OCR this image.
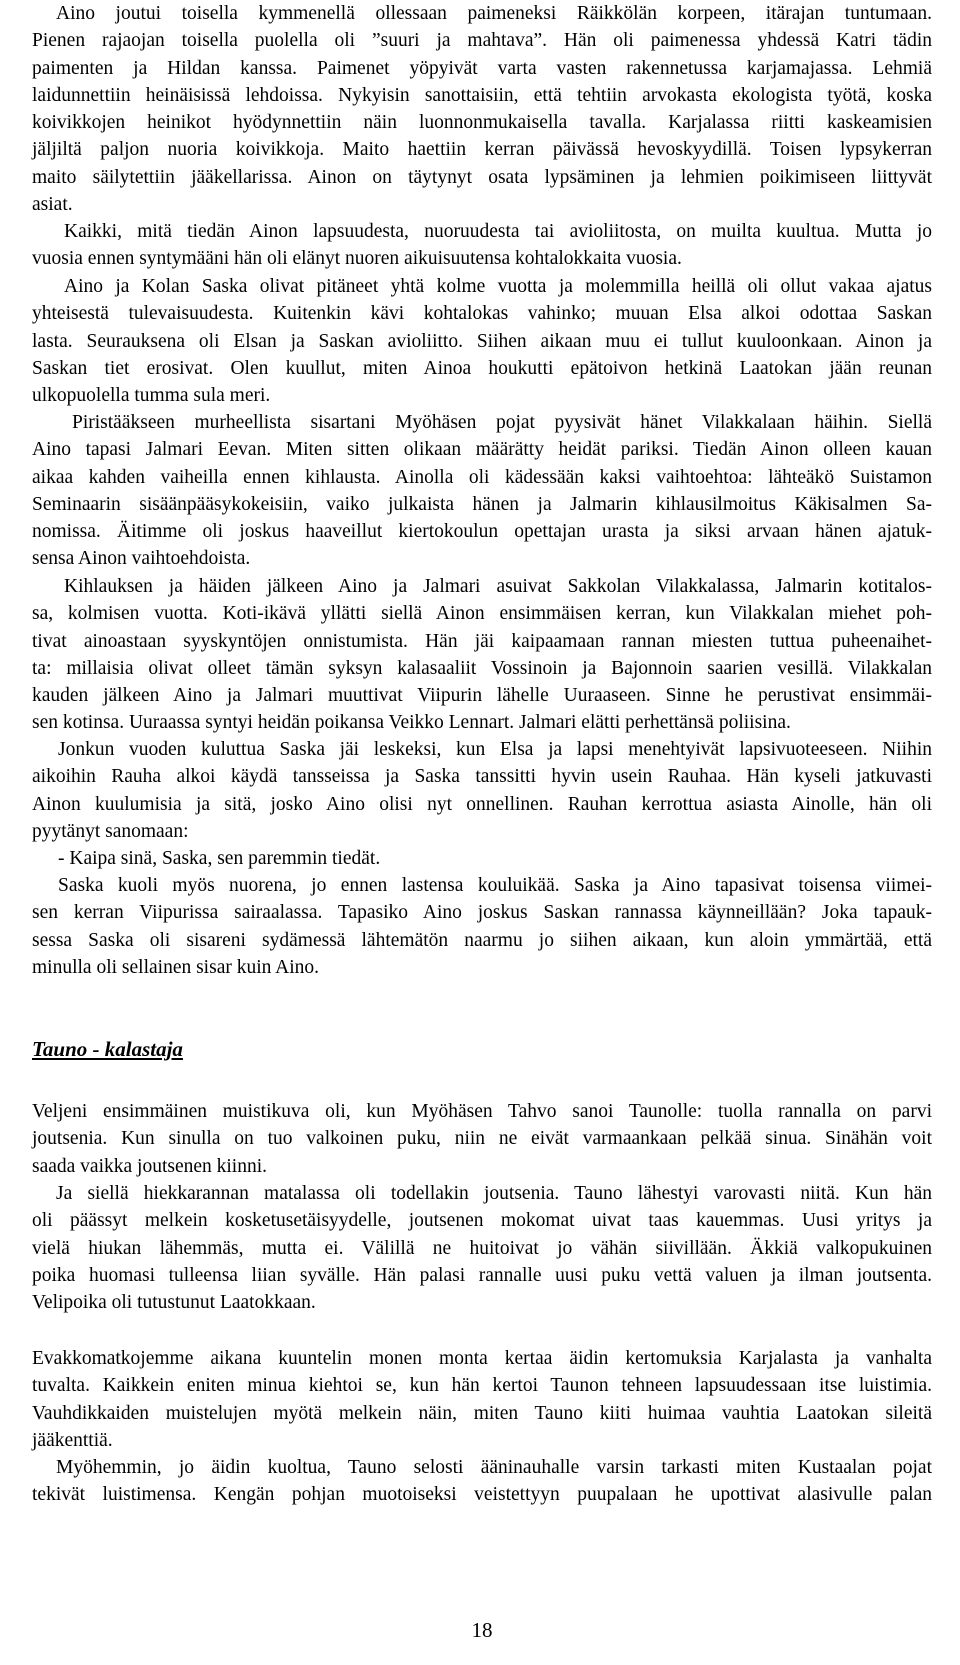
Aino joutui toisella kymmenellä ollessaan paimeneksi Räikkölän korpeen, itärajan tuntumaan.

Pienen rajaojan toisella puolella oli ”suuri ja mahtava”. Hän oli paimenessa yhdessä Katri tädin
paimenten ja Hildan kanssa. Paimenet yöpyivät varta vasten rakennetussa karjamajassa. Lehmiä
laidunnettiin heinäisissä lehdoissa. Nykyisin sanottaisiin, että tehtiin arvokasta ekologista työtä, koska
koivikkojen heinikot hyödynnettiin näin luonnonmukaisella tavalla. Karjalassa riitti kaskeamisien
jäljiltä paljon nuoria koivikkoja. Maito haettiin kerran päivässä hevoskyydillä. Toisen lypsykerran
maito säilytettiin jääkellarissa. Ainon on täytynyt osata lypsäminen ja lehmien poikimiseen liittyvät
asiat.

Kaikki, mitä tiedän Ainon lapsuudesta, nuoruudesta tai avioliitosta, on muilta kuultua. Mutta jo
vuosia ennen syntymääni hän oli elänyt nuoren aikuisuutensa kohtalokkaita vuosia.

Aino ja Kolan Saska olivat pitäneet yhtä kolme vuotta ja molemmilla heillä oli ollut vakaa ajatus
yhteisestä tulevaisuudesta. Kuitenkin kävi kohtalokas vahinko; muuan Elsa alkoi odottaa Saskan
lasta. Seurauksena oli Elsan ja Saskan avioliitto. Siihen aikaan muu ei tullut kuuloonkaan. Ainon ja
Saskan tiet erosivat. Olen kuullut, miten Ainoa houkutti epätoivon hetkinä Laatokan jään reunan
ulkopuolella tumma sula meri.

Piristääkseen murheellista sisartani Myöhäsen pojat pyysivät hänet Vilakkalaan häihin. Siellä
Aino tapasi Jalmari Eevan. Miten sitten olikaan määrätty heidät pariksi. Tiedän Ainon olleen kauan
aikaa kahden vaiheilla ennen kihlausta. Ainolla oli kädessään kaksi vaihtoehtoa: lähteäkö Suistamon
Seminaarin sisäänpääsykokeisiin, vaiko julkaista hänen ja Jalmarin kihlausilmoitus Käkisalmen Sa-
nomissa. Äitimme oli joskus haaveillut kiertokoulun opettajan urasta ja siksi arvaan hänen ajatuk-
sensa Ainon vaihtoehdoista.

Kihlauksen ja häiden jälkeen Aino ja Jalmari asuivat Sakkolan Vilakkalassa, Jalmarin kotitalos-
sa, kolmisen vuotta. Koti-ikävä yllätti siellä Ainon ensimmäisen kerran, kun Vilakkalan miehet poh-
tivat ainoastaan syyskyntöjen onnistumista. Hän jäi kaipaamaan rannan miesten tuttua puheenaihet-
ta: millaisia olivat olleet tämän syksyn kalasaaliit Vossinoin ja Bajonnoin saarien vesillä. Vilakkalan
kauden jälkeen Aino ja Jalmari muuttivat Viipurin lähelle Uuraaseen. Sinne he perustivat ensimmäi-
sen kotinsa. Uuraassa syntyi heidän poikansa Veikko Lennart. Jalmari elätti perhettänsä poliisina.

Jonkun vuoden kuluttua Saska jäi leskeksi, kun Elsa ja lapsi menehtyivät lapsivuoteeseen. Niihin
aikoihin Rauha alkoi käydä tansseissa ja Saska tanssitti hyvin usein Rauhaa. Hän kyseli jatkuvasti
Ainon kuulumisia ja sitä, josko Aino olisi nyt onnellinen. Rauhan kerrottua asiasta Ainolle, hän oli
pyytänyt sanomaan:

- Kaipa sinä, Saska, sen paremmin tiedät.

Saska kuoli myös nuorena, jo ennen lastensa kouluikää. Saska ja Aino tapasivat toisensa viimei-
sen kerran Viipurissa sairaalassa. Tapasiko Aino joskus Saskan rannassa käynneillään? Joka tapauk-
sessa Saska oli sisareni sydämessä lähtemätön naarmu jo siihen aikaan, kun aloin ymmärtää, että
minulla oli sellainen sisar kuin Aino.

Tauno - kalastaja

Veljeni ensimmäinen muistikuva oli, kun Myöhäsen Tahvo sanoi Taunolle: tuolla rannalla on parvi
joutsenia. Kun sinulla on tuo valkoinen puku, niin ne eivät varmaankaan pelkää sinua. Sinähän voit
saada vaikka joutsenen kiinni.

Ja siellä hiekkarannan matalassa oli todellakin joutsenia. Tauno lähestyi varovasti niitä. Kun hän
oli päässyt melkein kosketusetäisyydelle, joutsenen mokomat uivat taas kauemmas. Uusi yritys ja
vielä hiukan lähemmäs, mutta ei. Välillä ne huitoivat jo vähän siivillään. Äkkiä valkopukuinen
poika huomasi tulleensa liian syvälle. Hän palasi rannalle uusi puku vettä valuen ja ilman joutsenta.
Velipoika oli tutustunut Laatokkaan.

Evakkomatkojemme aikana kuuntelin monen monta kertaa äidin kertomuksia Karjalasta ja vanhalta
tuvalta. Kaikkein eniten minua kiehtoi se, kun hän kertoi Taunon tehneen lapsuudessaan itse luistimia.
Vauhdikkaiden muistelujen myötä melkein näin, miten Tauno kiiti huimaa vauhtia Laatokan sileitä
jääkenttiä.

Myöhemmin, jo äidin kuoltua, Tauno selosti ääninauhalle varsin tarkasti miten Kustaalan pojat
tekivät luistimensa. Kengän pohjan muotoiseksi veistettyyn puupalaan he upottivat alasivulle palan

18
